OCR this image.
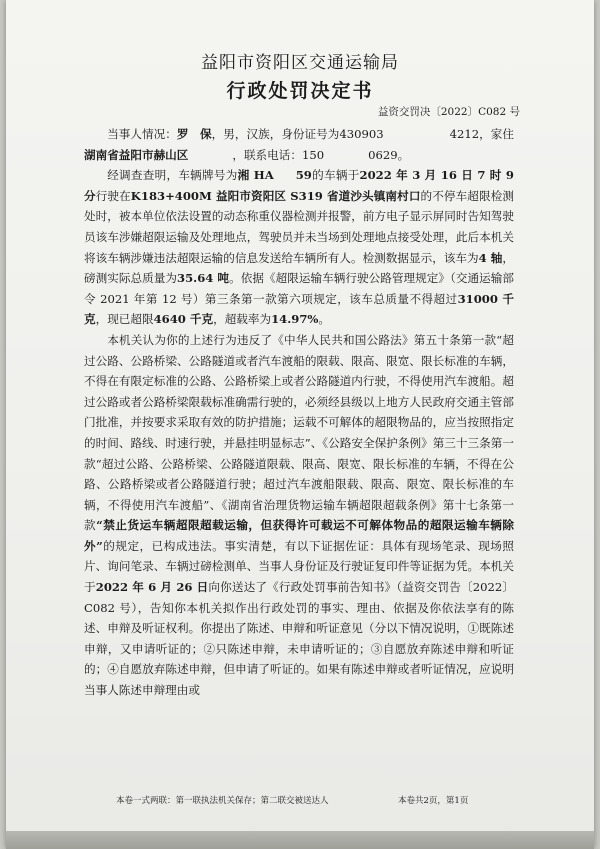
益阳市资阳区交通运输局
行政处罚决定书
益资交罚决〔2022〕C082 号

当事人情况：罗　保，男，汉族，身份证号为430903	4212，家住湖南省益阳市赫山区	，联系电话：150	0629。

经调查查明，车辆牌号为湘 HA 59的车辆于2022 年 3 月 16 日 7 时 9 分行驶在K183+400M 益阳市资阳区 S319 省道沙头镇南村口的不停车超限检测处时，被本单位依法设置的动态称重仪器检测并报警，前方电子显示屏同时告知驾驶员该车涉嫌超限运输及处理地点，驾驶员并未当场到处理地点接受处理，此后本机关将该车辆涉嫌违法超限运输的信息发送给车辆所有人。检测数据显示，该车为4 轴，磅测实际总质量为35.64 吨。依据《超限运输车辆行驶公路管理规定》（交通运输部令 2021 年第 12 号）第三条第一款第六项规定，该车总质量不得超过31000 千克，现已超限4640 千克，超载率为14.97%。

本机关认为你的上述行为违反了《中华人民共和国公路法》第五十条第一款“超过公路、公路桥梁、公路隧道或者汽车渡船的限载、限高、限宽、限长标准的车辆，不得在有限定标准的公路、公路桥梁上或者公路隧道内行驶，不得使用汽车渡船。超过公路或者公路桥梁限载标准确需行驶的，必须经县级以上地方人民政府交通主管部门批准，并按要求采取有效的防护措施；运载不可解体的超限物品的，应当按照指定的时间、路线、时速行驶，并悬挂明显标志”、《公路安全保护条例》第三十三条第一款“超过公路、公路桥梁、公路隧道限载、限高、限宽、限长标准的车辆，不得在公路、公路桥梁或者公路隧道行驶；超过汽车渡船限载、限高、限宽、限长标准的车辆，不得使用汽车渡船”、《湖南省治理货物运输车辆超限超载条例》第十七条第一款“禁止货运车辆超限超载运输，但获得许可载运不可解体物品的超限运输车辆除外”的规定，已构成违法。事实清楚，有以下证据佐证：具体有现场笔录、现场照片、询问笔录、车辆过磅检测单、当事人身份证及行驶证复印件等证据为凭。本机关于2022 年 6 月 26 日向你送达了《行政处罚事前告知书》（益资交罚告〔2022〕C082 号），告知你本机关拟作出行政处罚的事实、理由、依据及你依法享有的陈述、申辩及听证权利。你提出了陈述、申辩和听证意见（分以下情况说明，①既陈述申辩，又申请听证的；②只陈述申辩，未申请听证的；③自愿放弃陈述申辩和听证的；④自愿放弃陈述申辩，但申请了听证的。如果有陈述申辩或者听证情况，应说明当事人陈述申辩理由或

本卷一式两联：第一联执法机关保存；第二联交被送达人	本卷共2页，第1页
